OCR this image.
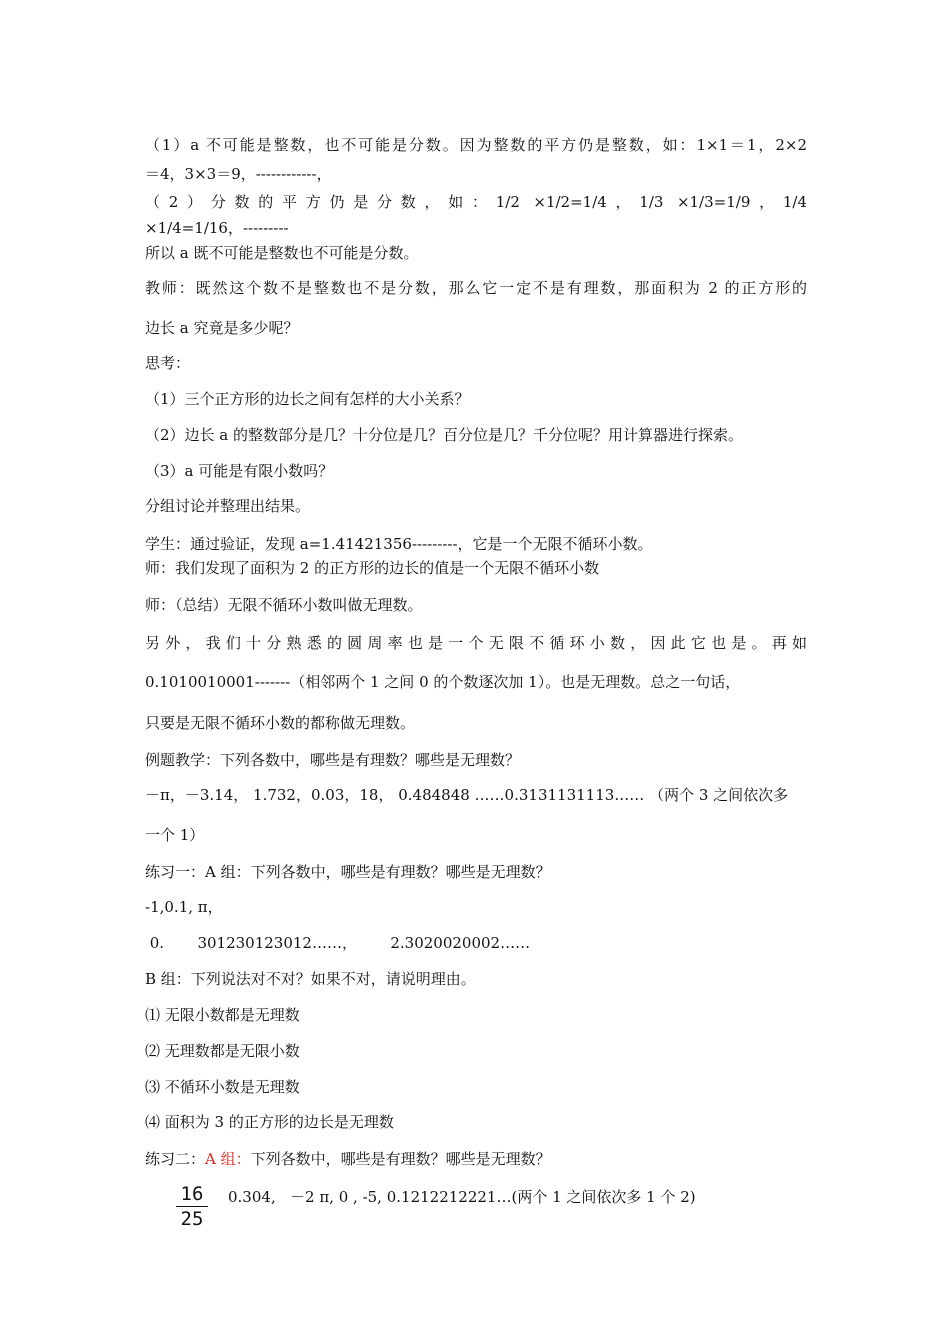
（1）a 不可能是整数，也不可能是分数。因为整数的平方仍是整数，如：1×1＝1，2×2
＝4，3×3＝9，------------，
（2）分数的平方仍是分数，如：1/2 ×1/2=1/4，1/3 ×1/3=1/9，1/4
×1/4=1/16，---------
所以 a 既不可能是整数也不可能是分数。
教师：既然这个数不是整数也不是分数，那么它一定不是有理数，那面积为 2 的正方形的
边长 a 究竟是多少呢？
思考：
（1）三个正方形的边长之间有怎样的大小关系？
（2）边长 a 的整数部分是几？十分位是几？百分位是几？千分位呢？用计算器进行探索。
（3）a 可能是有限小数吗？
分组讨论并整理出结果。
学生：通过验证，发现 a=1.41421356---------，它是一个无限不循环小数。
师：我们发现了面积为 2 的正方形的边长的值是一个无限不循环小数
师：（总结）无限不循环小数叫做无理数。
另外，我们十分熟悉的圆周率也是一个无限不循环小数，因此它也是。再如
0.1010010001-------（相邻两个 1 之间 0 的个数逐次加 1）。也是无理数。总之一句话，
只要是无限不循环小数的都称做无理数。
例题教学：下列各数中，哪些是有理数？哪些是无理数？
－π，－3.14， 1.732，0.03，18， 0.484848 ……0.3131131113…… （两个 3 之间依次多
一个 1）
练习一：A 组：下列各数中，哪些是有理数？哪些是无理数？
-1,0.1, π，
0.       301230123012……，       2.3020020002……
B 组：下列说法对不对？如果不对，请说明理由。
⑴ 无限小数都是无理数
⑵ 无理数都是无限小数
⑶ 不循环小数是无理数
⑷ 面积为 3 的正方形的边长是无理数
练习二：A 组：下列各数中，哪些是有理数？哪些是无理数？
$\frac{16}{25} 0.304$,   －2 π, 0 , -5, 0.1212212221…(两个 1 之间依次多 1 个 2)
